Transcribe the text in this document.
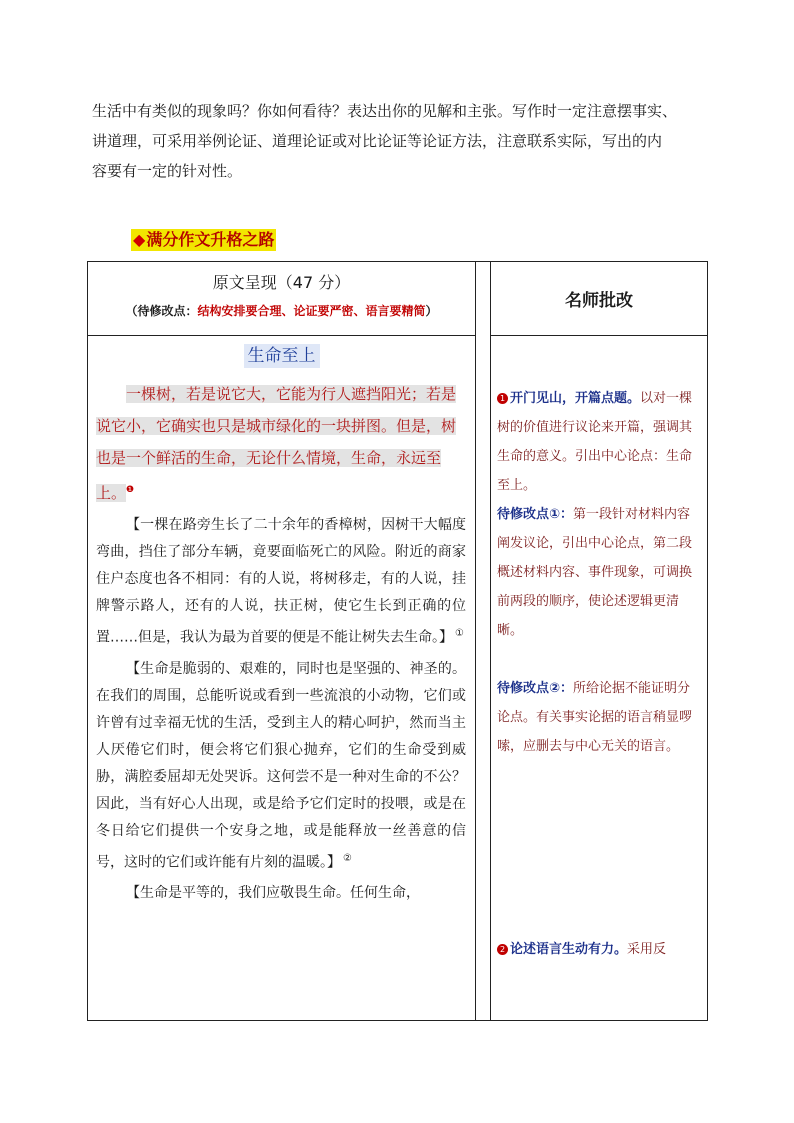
生活中有类似的现象吗？你如何看待？表达出你的见解和主张。写作时一定注意摆事实、

讲道理，可采用举例论证、道理论证或对比论证等论证方法，注意联系实际，写出的内

容要有一定的针对性。

◆满分作文升格之路
原文呈现（47 分）
（待修改点：结构安排要合理、论证要严密、语言要精简）	名师批改
生命至上
一棵树，若是说它大，它能为行人遮挡阳光；若是说它小，它确实也只是城市绿化的一块拼图。但是，树也是一个鲜活的生命，无论什么情境，生命，永远至上。$^❶$

【一棵在路旁生长了二十余年的香樟树，因树干大幅度弯曲，挡住了部分车辆，竟要面临死亡的风险。附近的商家住户态度也各不相同：有的人说，将树移走，有的人说，挂牌警示路人，还有的人说，扶正树，使它生长到正确的位置……但是，我认为最为首要的便是不能让树失去生命。】 ①

【生命是脆弱的、艰难的，同时也是坚强的、神圣的。在我们的周围，总能听说或看到一些流浪的小动物，它们或许曾有过幸福无忧的生活，受到主人的精心呵护，然而当主人厌倦它们时，便会将它们狠心抛弃，它们的生命受到威胁，满腔委屈却无处哭诉。这何尝不是一种对生命的不公？因此，当有好心人出现，或是给予它们定时的投喂，或是在冬日给它们提供一个安身之地，或是能释放一丝善意的信号，这时的它们或许能有片刻的温暖。】 ②

【生命是平等的，我们应敬畏生命。任何生命，

1 开门见山，开篇点题。以对一棵树的价值进行议论来开篇，强调其生命的意义。引出中心论点：生命至上。

待修改点①：第一段针对材料内容阐发议论，引出中心论点，第二段概述材料内容、事件现象，可调换前两段的顺序，使论述逻辑更清晰。

待修改点②：所给论据不能证明分论点。有关事实论据的语言稍显啰嗦，应删去与中心无关的语言。

2 论述语言生动有力。采用反
